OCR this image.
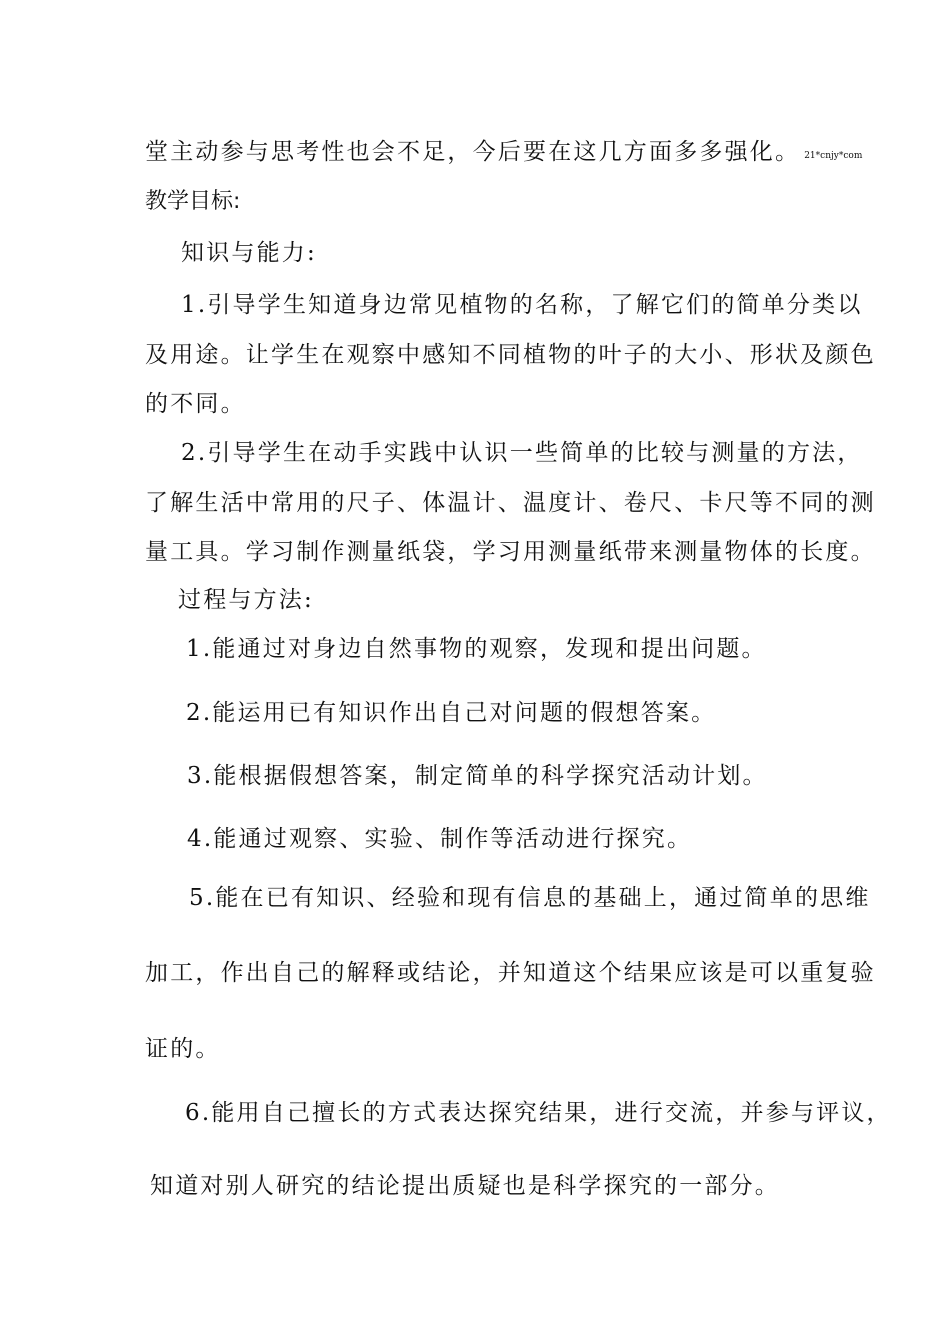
堂主动参与思考性也会不足，今后要在这几方面多多强化。 21*cnjy*com
教学目标:
知识与能力:
1.引导学生知道身边常见植物的名称，了解它们的简单分类以
及用途。让学生在观察中感知不同植物的叶子的大小、形状及颜色
的不同。
2.引导学生在动手实践中认识一些简单的比较与测量的方法，
了解生活中常用的尺子、体温计、温度计、卷尺、卡尺等不同的测
量工具。学习制作测量纸袋，学习用测量纸带来测量物体的长度。
过程与方法:
1.能通过对身边自然事物的观察，发现和提出问题。
2.能运用已有知识作出自己对问题的假想答案。
3.能根据假想答案，制定简单的科学探究活动计划。
4.能通过观察、实验、制作等活动进行探究。
5.能在已有知识、经验和现有信息的基础上，通过简单的思维
加工，作出自己的解释或结论，并知道这个结果应该是可以重复验
证的。
6.能用自己擅长的方式表达探究结果，进行交流，并参与评议，
知道对别人研究的结论提出质疑也是科学探究的一部分。
